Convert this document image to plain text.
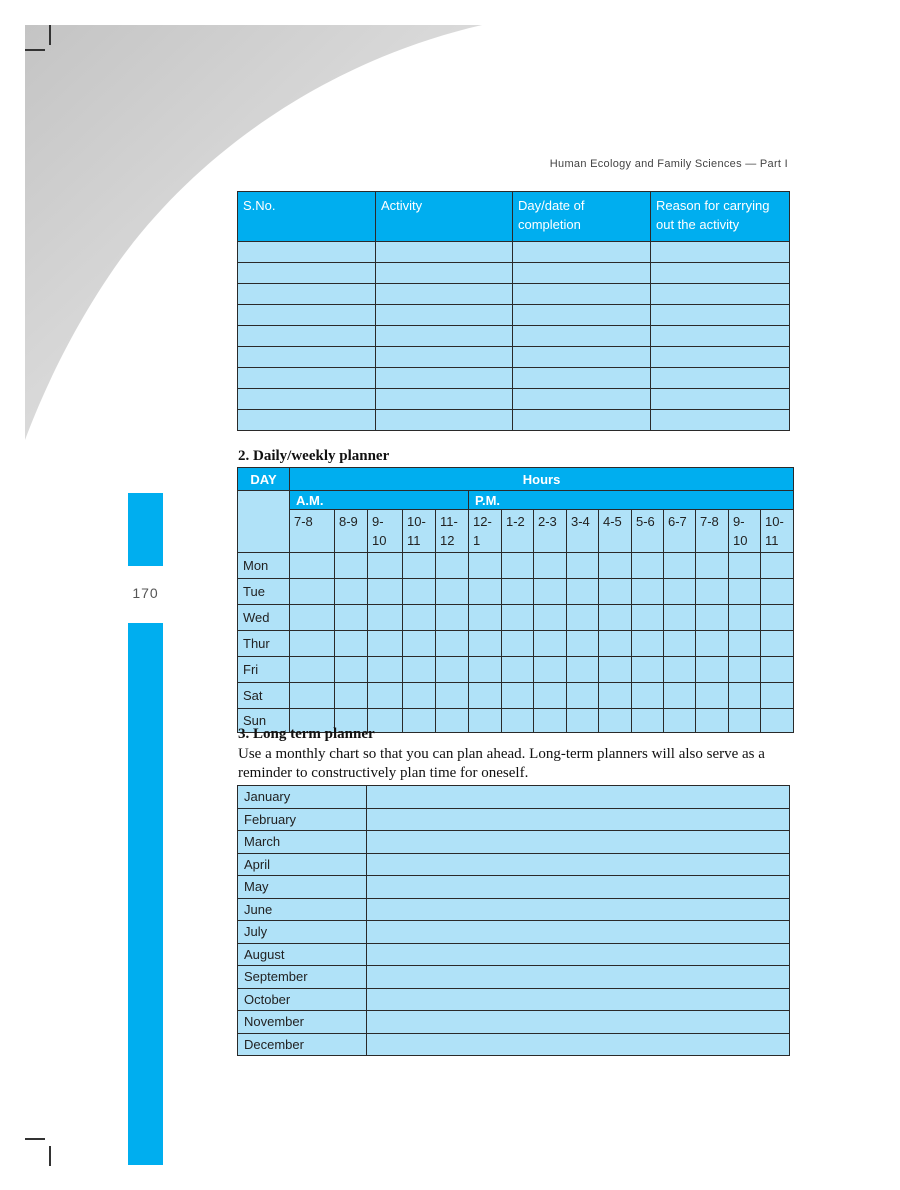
Human Ecology and Family Sciences — Part I
170
S.No.	Activity	Day/date of completion	Reason for carrying out the activity

2. Daily/weekly planner
DAY	Hours														
	A.M.					P.M.									
	7-8	8-9	9-10	10-11	11-12	12-1	1-2	2-3	3-4	4-5	5-6	6-7	7-8	9-10	10-11
Mon															
Tue															
Wed															
Thur															
Fri															
Sat															
Sun															
3. Long term planner
Use a monthly chart so that you can plan ahead. Long-term planners will also serve as a reminder to constructively plan time for oneself.
January	
February	
March	
April	
May	
June	
July	
August	
September	
October	
November	
December	
